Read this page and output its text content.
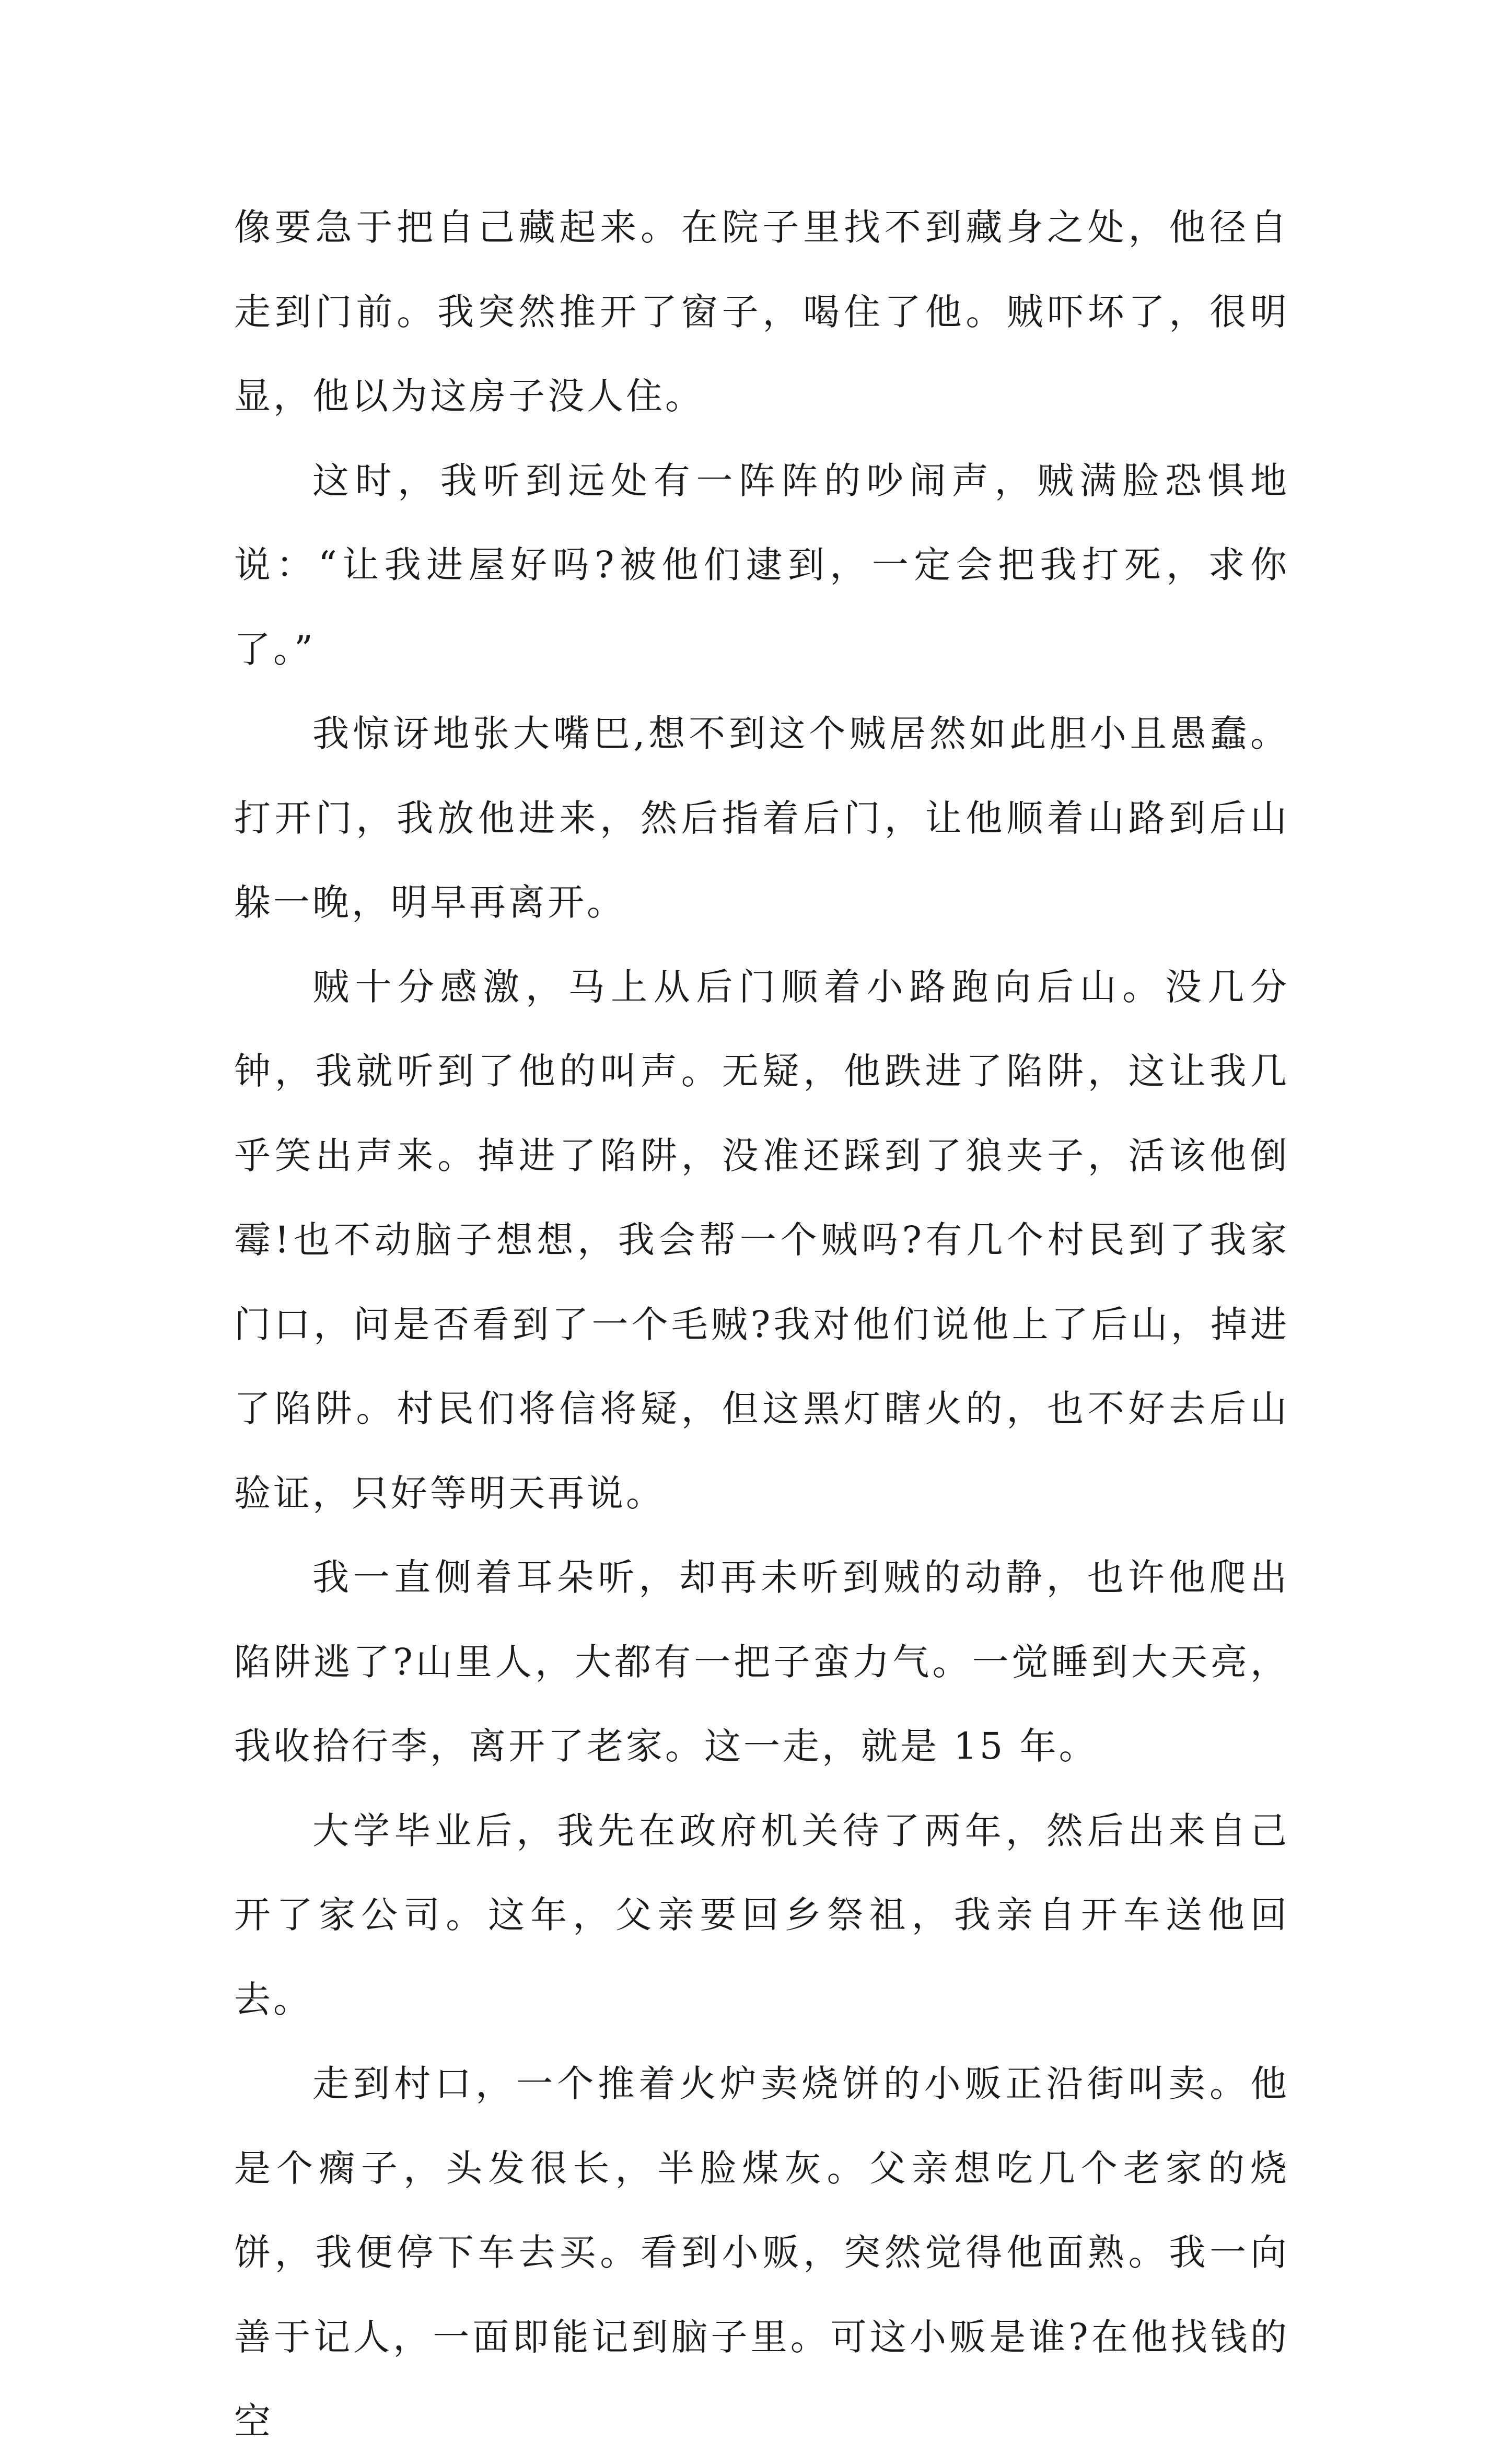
像要急于把自己藏起来。在院子里找不到藏身之处，他径自走到门前。我突然推开了窗子，喝住了他。贼吓坏了，很明显，他以为这房子没人住。

这时，我听到远处有一阵阵的吵闹声，贼满脸恐惧地说：“让我进屋好吗?被他们逮到，一定会把我打死，求你了。”

我惊讶地张大嘴巴,想不到这个贼居然如此胆小且愚蠢。打开门，我放他进来，然后指着后门，让他顺着山路到后山躲一晚，明早再离开。

贼十分感激，马上从后门顺着小路跑向后山。没几分钟，我就听到了他的叫声。无疑，他跌进了陷阱，这让我几乎笑出声来。掉进了陷阱，没准还踩到了狼夹子，活该他倒霉!也不动脑子想想，我会帮一个贼吗?有几个村民到了我家门口，问是否看到了一个毛贼?我对他们说他上了后山，掉进了陷阱。村民们将信将疑，但这黑灯瞎火的，也不好去后山验证，只好等明天再说。

我一直侧着耳朵听，却再未听到贼的动静，也许他爬出陷阱逃了?山里人，大都有一把子蛮力气。一觉睡到大天亮，我收拾行李，离开了老家。这一走，就是 15 年。

大学毕业后，我先在政府机关待了两年，然后出来自己开了家公司。这年，父亲要回乡祭祖，我亲自开车送他回去。

走到村口，一个推着火炉卖烧饼的小贩正沿街叫卖。他是个瘸子，头发很长，半脸煤灰。父亲想吃几个老家的烧饼，我便停下车去买。看到小贩，突然觉得他面熟。我一向善于记人，一面即能记到脑子里。可这小贩是谁?在他找钱的空
